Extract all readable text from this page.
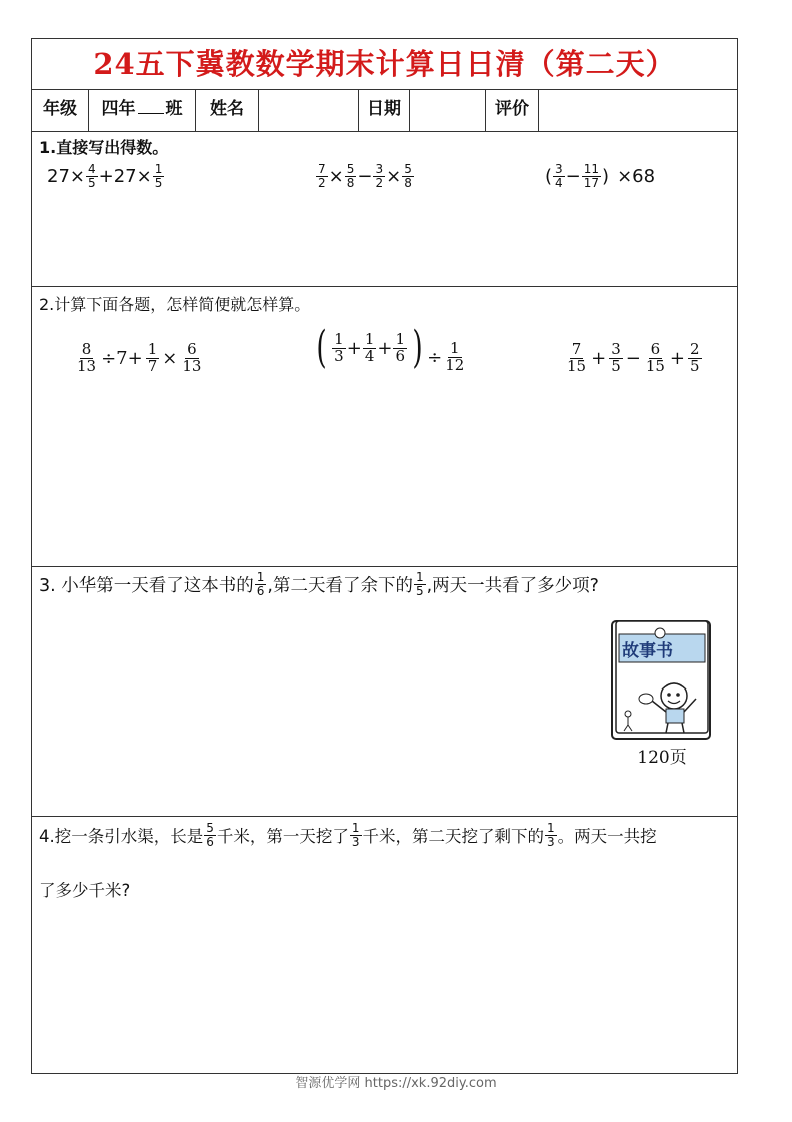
24五下冀教数学期末计算日日清（第二天）
年级	四年 班	姓名	日期	评价
1.直接写出得数。
$27\times \frac{4}{5} +27\times \frac{1}{5}$	$\frac{7}{2} \times \frac{5}{8} - \frac{3}{2} \times \frac{5}{8}$	( $\frac{3}{4} - \frac{11}{17}$ ) ×68
2.计算下面各题，怎样简便就怎样算。
$\frac{8}{13} \div 7+ \frac{1}{7} \times \frac{6}{13}$	( $\frac{1}{3} + \frac{1}{4} + \frac{1}{6}$ ) ÷ $\frac{1}{12}$	$\frac{7}{15} + \frac{3}{5} - \frac{6}{15} + \frac{2}{5}$
3. 小华第一天看了这本书的 $\frac{1}{6}$ ,第二天看了余下的 $\frac{1}{5}$ ,两天一共看了多少项?
故事书
120页
4.挖一条引水渠，长是 $\frac{5}{6}$ 千米，第一天挖了 $\frac{1}{3}$ 千米，第二天挖了剩下的 $\frac{1}{3}$ 。两天一共挖
了多少千米?
智源优学网 https://xk.92diy.com
